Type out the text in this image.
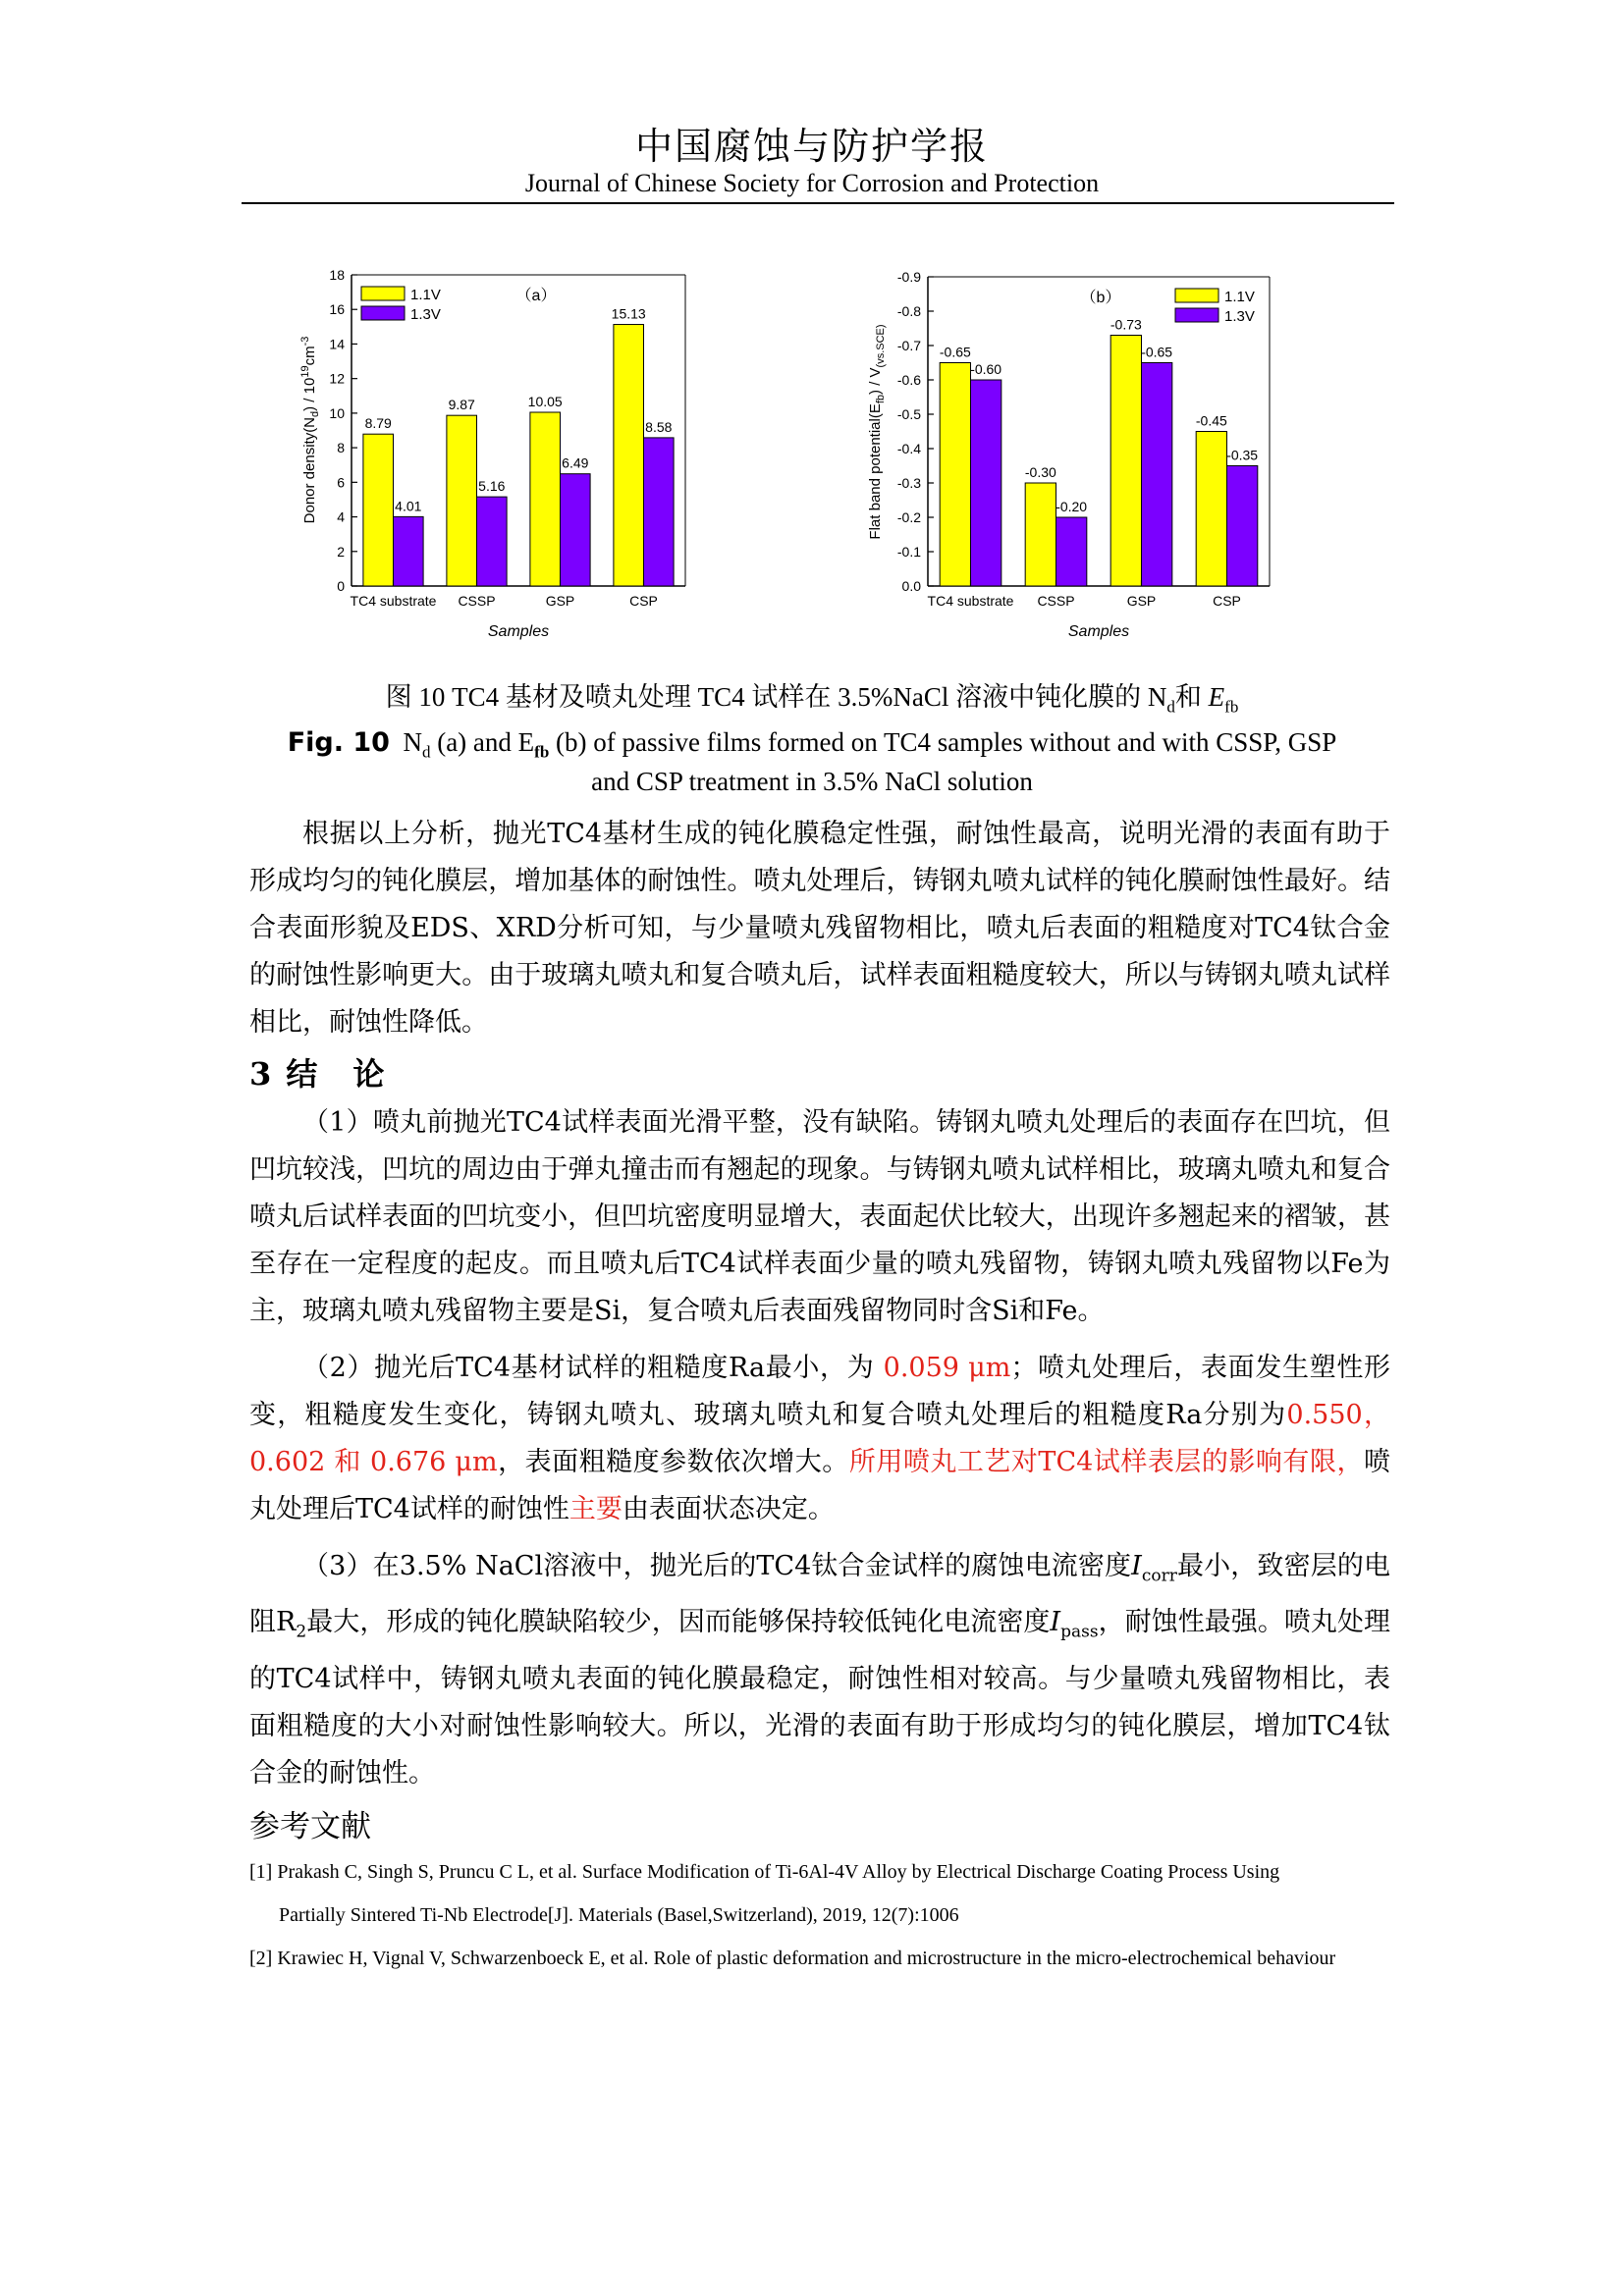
中国腐蚀与防护学报
Journal of Chinese Society for Corrosion and Protection
0
2
4
6
8
10
12
14
16
18
8.79
4.01
9.87
5.16
10.05
6.49
15.13
8.58
TC4 substrate CSSP	GSP	CSP
（a）
1.1V
1.3V
Samples
Donor $density(N_d) / 10^{19}cm^{-3}$
0.0
-0.1
-0.2
-0.3
-0.4
-0.5
-0.6
-0.7
-0.8
-0.9
-0.65
-0.60
-0.30
-0.20
-0.73
-0.65
-0.45
-0.35
TC4 substrate CSSP	GSP	CSP
（b）	1.1V
1.3V
Samples
Flat band $potential(E_{fb}) / V_{(vs.SCE)}$
图 10 TC4 基材及喷丸处理 TC4 试样在 3.5%NaCl 溶液中钝化膜的 $N_d$和 $E_{fb}$
Fig. 10 $N_d$ (a) and $E_{fb}$ (b) of passive films formed on TC4 samples without and with CSSP, GSP
and CSP treatment in 3.5% NaCl solution

根据以上分析，抛光TC4基材生成的钝化膜稳定性强，耐蚀性最高，说明光滑的表面有助于形成均匀的钝化膜层，增加基体的耐蚀性。喷丸处理后，铸钢丸喷丸试样的钝化膜耐蚀性最好。结合表面形貌及EDS、XRD分析可知，与少量喷丸残留物相比，喷丸后表面的粗糙度对TC4钛合金的耐蚀性影响更大。由于玻璃丸喷丸和复合喷丸后，试样表面粗糙度较大，所以与铸钢丸喷丸试样相比，耐蚀性降低。

3 结　论

（1）喷丸前抛光TC4试样表面光滑平整，没有缺陷。铸钢丸喷丸处理后的表面存在凹坑，但凹坑较浅，凹坑的周边由于弹丸撞击而有翘起的现象。与铸钢丸喷丸试样相比，玻璃丸喷丸和复合喷丸后试样表面的凹坑变小，但凹坑密度明显增大，表面起伏比较大，出现许多翘起来的褶皱，甚至存在一定程度的起皮。而且喷丸后TC4试样表面少量的喷丸残留物，铸钢丸喷丸残留物以Fe为主，玻璃丸喷丸残留物主要是Si，复合喷丸后表面残留物同时含Si和Fe。

（2）抛光后TC4基材试样的粗糙度Ra最小，为 0.059 μm；喷丸处理后，表面发生塑性形变，粗糙度发生变化，铸钢丸喷丸、玻璃丸喷丸和复合喷丸处理后的粗糙度Ra分别为0.550，0.602 和 0.676 μm，表面粗糙度参数依次增大。所用喷丸工艺对TC4试样表层的影响有限，喷丸处理后TC4试样的耐蚀性主要由表面状态决定。

（3）在3.5% NaCl溶液中，抛光后的TC4钛合金试样的腐蚀电流密度$I_{corr}$最小，致密层的电阻$R_2$最大，形成的钝化膜缺陷较少，因而能够保持较低钝化电流密度$I_{pass}$，耐蚀性最强。喷丸处理的TC4试样中，铸钢丸喷丸表面的钝化膜最稳定，耐蚀性相对较高。与少量喷丸残留物相比，表面粗糙度的大小对耐蚀性影响较大。所以，光滑的表面有助于形成均匀的钝化膜层，增加TC4钛合金的耐蚀性。

参考文献

[1] Prakash C, Singh S, Pruncu C L, et al. Surface Modification of Ti-6Al-4V Alloy by Electrical Discharge Coating Process Using

Partially Sintered Ti-Nb Electrode[J]. Materials (Basel,Switzerland), 2019, 12(7):1006

[2] Krawiec H, Vignal V, Schwarzenboeck E, et al. Role of plastic deformation and microstructure in the micro-electrochemical behaviour
